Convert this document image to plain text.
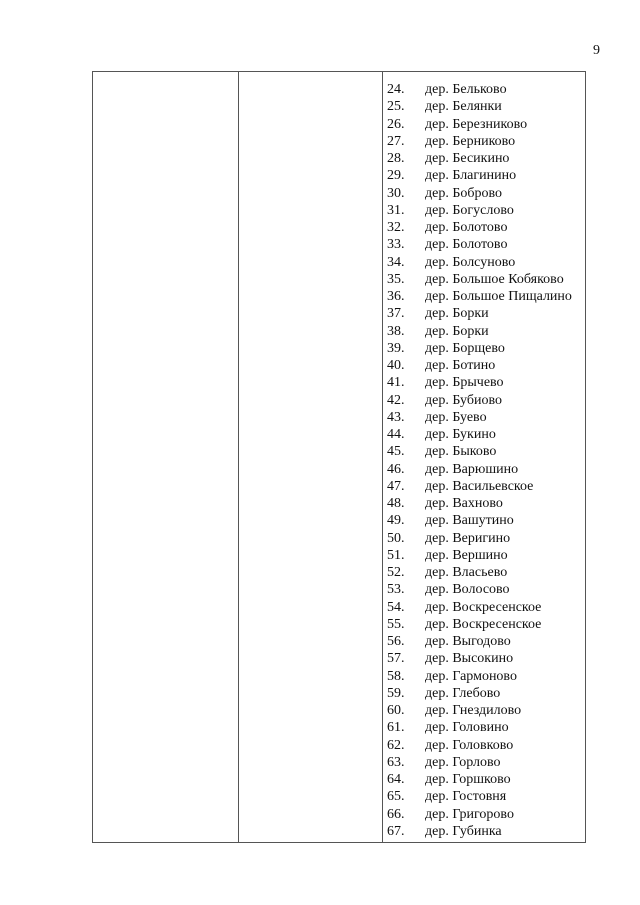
9
24.	дер. Бельково
25.	дер. Белянки
26.	дер. Березниково
27.	дер. Берниково
28.	дер. Бесикино
29.	дер. Благинино
30.	дер. Боброво
31.	дер. Богуслово
32.	дер. Болотово
33.	дер. Болотово
34.	дер. Болсуново
35.	дер. Большое Кобяково
36.	дер. Большое Пищалино
37.	дер. Борки
38.	дер. Борки
39.	дер. Борщево
40.	дер. Ботино
41.	дер. Брычево
42.	дер. Бубиово
43.	дер. Буево
44.	дер. Букино
45.	дер. Быково
46.	дер. Варюшино
47.	дер. Васильевское
48.	дер. Вахново
49.	дер. Вашутино
50.	дер. Веригино
51.	дер. Вершино
52.	дер. Власьево
53.	дер. Волосово
54.	дер. Воскресенское
55.	дер. Воскресенское
56.	дер. Выгодово
57.	дер. Высокино
58.	дер. Гармоново
59.	дер. Глебово
60.	дер. Гнездилово
61.	дер. Головино
62.	дер. Головково
63.	дер. Горлово
64.	дер. Горшково
65.	дер. Гостовня
66.	дер. Григорово
67.	дер. Губинка
